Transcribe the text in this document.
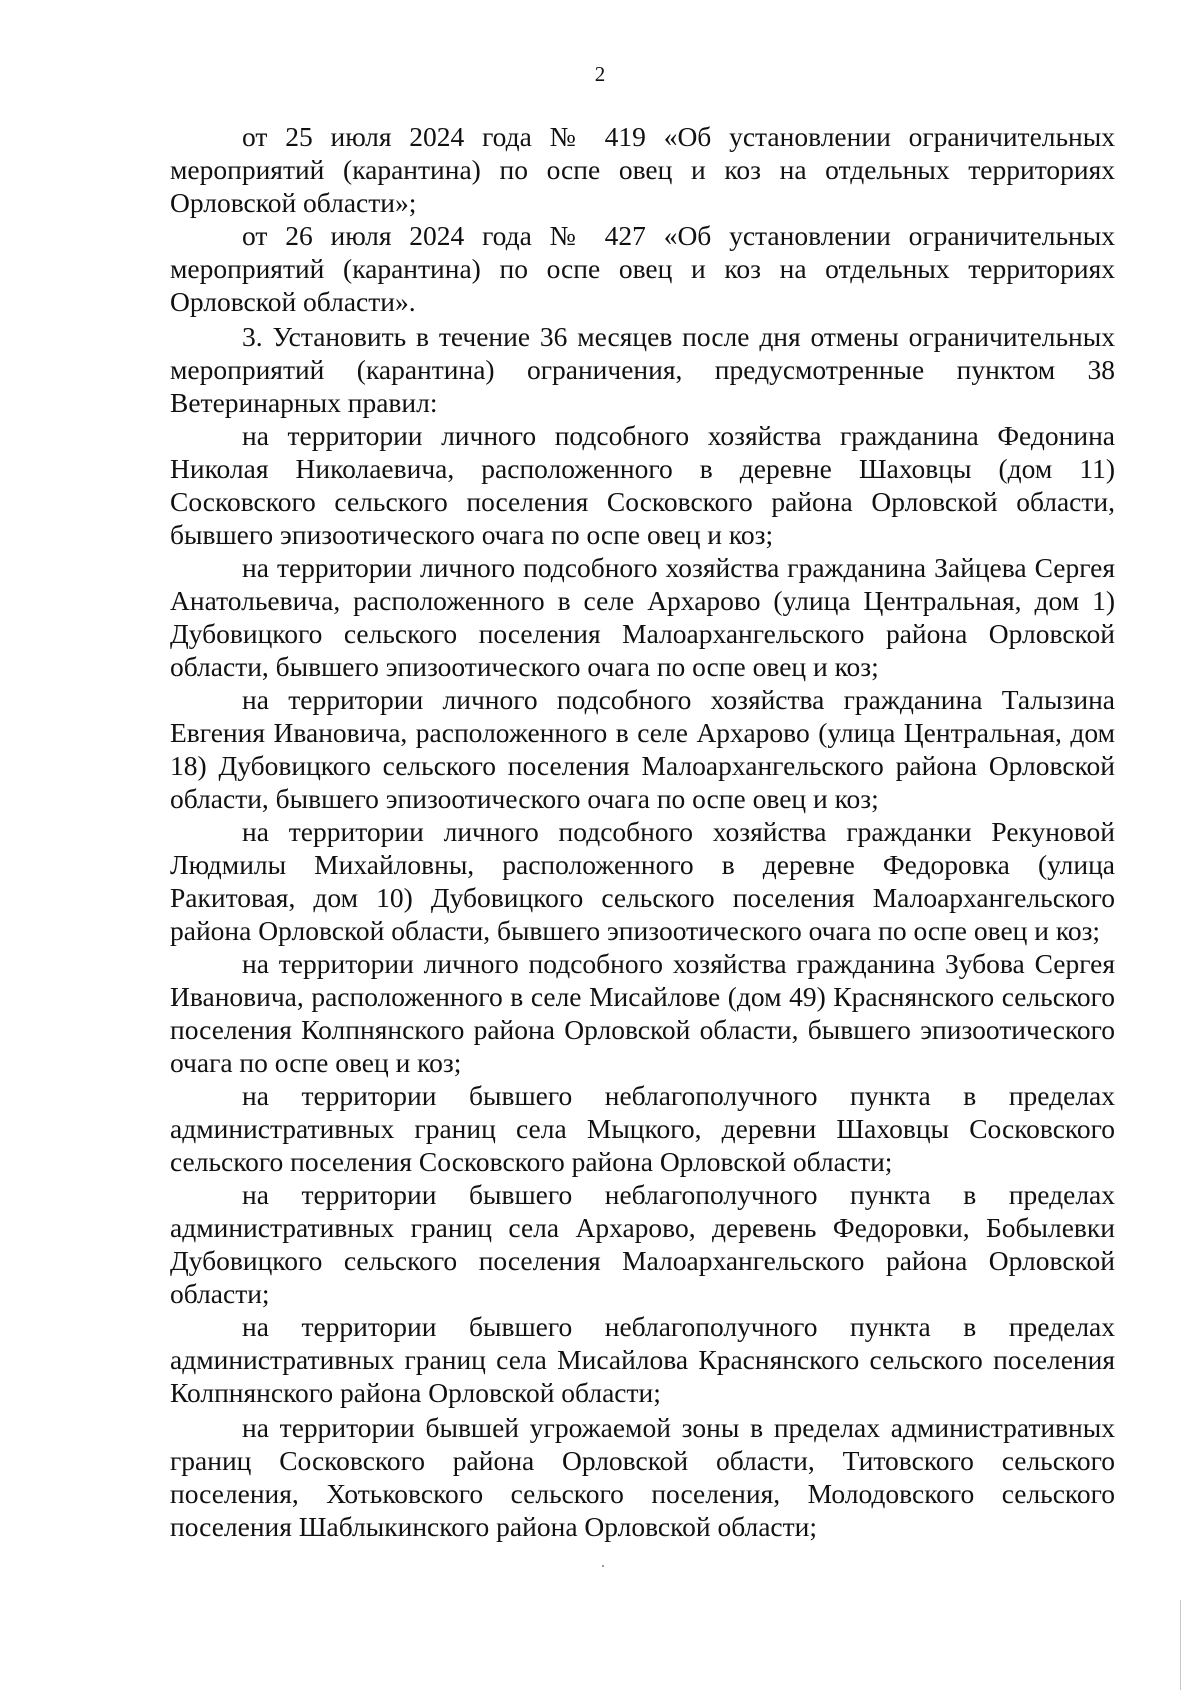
2

от 25 июля 2024 года № 419 «Об установлении ограничительных мероприятий (карантина) по оспе овец и коз на отдельных территориях Орловской области»;

от 26 июля 2024 года № 427 «Об установлении ограничительных мероприятий (карантина) по оспе овец и коз на отдельных территориях Орловской области».

3. Установить в течение 36 месяцев после дня отмены ограничительных мероприятий (карантина) ограничения, предусмотренные пунктом 38 Ветеринарных правил:

на территории личного подсобного хозяйства гражданина Федонина Николая Николаевича, расположенного в деревне Шаховцы (дом 11) Сосковского сельского поселения Сосковского района Орловской области, бывшего эпизоотического очага по оспе овец и коз;

на территории личного подсобного хозяйства гражданина Зайцева Сергея Анатольевича, расположенного в селе Архарово (улица Центральная, дом 1) Дубовицкого сельского поселения Малоархангельского района Орловской области, бывшего эпизоотического очага по оспе овец и коз;

на территории личного подсобного хозяйства гражданина Талызина Евгения Ивановича, расположенного в селе Архарово (улица Центральная, дом 18) Дубовицкого сельского поселения Малоархангельского района Орловской области, бывшего эпизоотического очага по оспе овец и коз;

на территории личного подсобного хозяйства гражданки Рекуновой Людмилы Михайловны, расположенного в деревне Федоровка (улица Ракитовая, дом 10) Дубовицкого сельского поселения Малоархангельского района Орловской области, бывшего эпизоотического очага по оспе овец и коз;

на территории личного подсобного хозяйства гражданина Зубова Сергея Ивановича, расположенного в селе Мисайлове (дом 49) Краснянского сельского поселения Колпнянского района Орловской области, бывшего эпизоотического очага по оспе овец и коз;

на территории бывшего неблагополучного пункта в пределах административных границ села Мыцкого, деревни Шаховцы Сосковского сельского поселения Сосковского района Орловской области;

на территории бывшего неблагополучного пункта в пределах административных границ села Архарово, деревень Федоровки, Бобылевки Дубовицкого сельского поселения Малоархангельского района Орловской области;

на территории бывшего неблагополучного пункта в пределах административных границ села Мисайлова Краснянского сельского поселения Колпнянского района Орловской области;

на территории бывшей угрожаемой зоны в пределах административных границ Сосковского района Орловской области, Титовского сельского поселения, Хотьковского сельского поселения, Молодовского сельского поселения Шаблыкинского района Орловской области;
